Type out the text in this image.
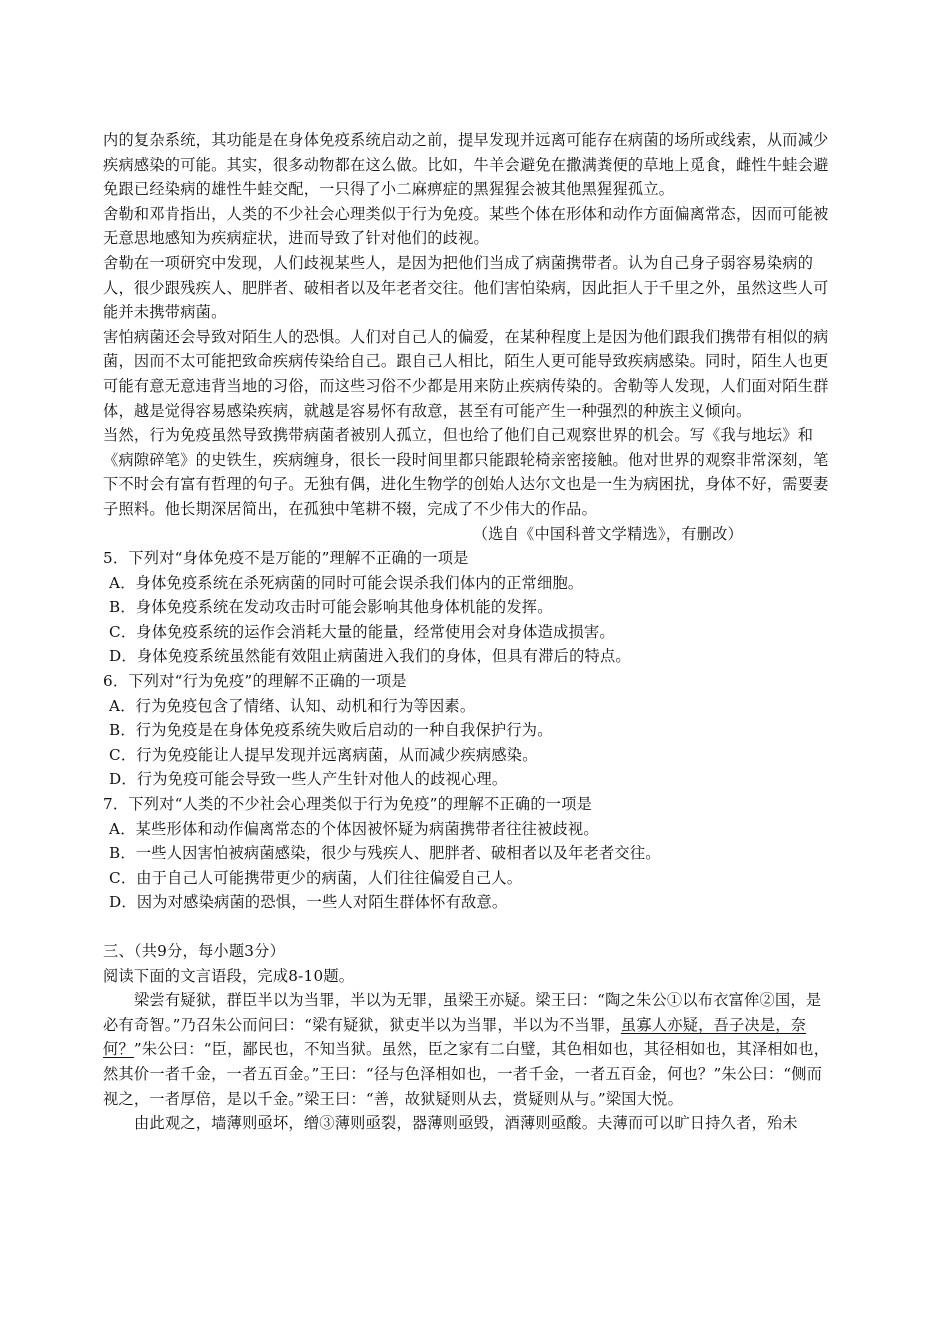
内的复杂系统，其功能是在身体免疫系统启动之前，提早发现并远离可能存在病菌的场所或线索，从而减少疾病感染的可能。其实，很多动物都在这么做。比如，牛羊会避免在撒满粪便的草地上觅食，雌性牛蛙会避免跟已经染病的雄性牛蛙交配，一只得了小二麻痹症的黑猩猩会被其他黑猩猩孤立。

舍勒和邓肯指出，人类的不少社会心理类似于行为免疫。某些个体在形体和动作方面偏离常态，因而可能被无意思地感知为疾病症状，进而导致了针对他们的歧视。

舍勒在一项研究中发现，人们歧视某些人，是因为把他们当成了病菌携带者。认为自己身子弱容易染病的人，很少跟残疾人、肥胖者、破相者以及年老者交往。他们害怕染病，因此拒人于千里之外，虽然这些人可能并未携带病菌。

害怕病菌还会导致对陌生人的恐惧。人们对自己人的偏爱，在某种程度上是因为他们跟我们携带有相似的病菌，因而不太可能把致命疾病传染给自己。跟自己人相比，陌生人更可能导致疾病感染。同时，陌生人也更可能有意无意违背当地的习俗，而这些习俗不少都是用来防止疾病传染的。舍勒等人发现，人们面对陌生群体，越是觉得容易感染疾病，就越是容易怀有敌意，甚至有可能产生一种强烈的种族主义倾向。

当然，行为免疫虽然导致携带病菌者被别人孤立，但也给了他们自己观察世界的机会。写《我与地坛》和《病隙碎笔》的史铁生，疾病缠身，很长一段时间里都只能跟轮椅亲密接触。他对世界的观察非常深刻，笔下不时会有富有哲理的句子。无独有偶，进化生物学的创始人达尔文也是一生为病困扰，身体不好，需要妻子照料。他长期深居简出，在孤独中笔耕不辍，完成了不少伟大的作品。

（选自《中国科普文学精选》，有删改）

5．下列对“身体免疫不是万能的”理解不正确的一项是

A．身体免疫系统在杀死病菌的同时可能会误杀我们体内的正常细胞。

B．身体免疫系统在发动攻击时可能会影响其他身体机能的发挥。

C．身体免疫系统的运作会消耗大量的能量，经常使用会对身体造成损害。

D．身体免疫系统虽然能有效阻止病菌进入我们的身体，但具有滞后的特点。

6．下列对“行为免疫”的理解不正确的一项是

A．行为免疫包含了情绪、认知、动机和行为等因素。

B．行为免疫是在身体免疫系统失败后启动的一种自我保护行为。

C．行为免疫能让人提早发现并远离病菌，从而减少疾病感染。

D．行为免疫可能会导致一些人产生针对他人的歧视心理。

7．下列对“人类的不少社会心理类似于行为免疫”的理解不正确的一项是

A．某些形体和动作偏离常态的个体因被怀疑为病菌携带者往往被歧视。

B．一些人因害怕被病菌感染，很少与残疾人、肥胖者、破相者以及年老者交往。

C．由于自己人可能携带更少的病菌，人们往往偏爱自己人。

D．因为对感染病菌的恐惧，一些人对陌生群体怀有敌意。

三、（共9分，每小题3分）

阅读下面的文言语段，完成8-10题。

梁尝有疑狱，群臣半以为当罪，半以为无罪，虽梁王亦疑。梁王曰：“陶之朱公①以布衣富侔②国，是必有奇智。”乃召朱公而问曰：“梁有疑狱，狱吏半以为当罪，半以为不当罪，虽寡人亦疑，吾子决是，奈何？”朱公曰：“臣，鄙民也，不知当狱。虽然，臣之家有二白璧，其色相如也，其径相如也，其泽相如也，然其价一者千金，一者五百金。”王曰：“径与色泽相如也，一者千金，一者五百金，何也？”朱公曰：“侧而视之，一者厚倍，是以千金。”梁王曰：“善，故狱疑则从去，赏疑则从与。”梁国大悦。

由此观之，墙薄则亟坏，缯③薄则亟裂，器薄则亟毁，酒薄则亟酸。夫薄而可以旷日持久者，殆未
